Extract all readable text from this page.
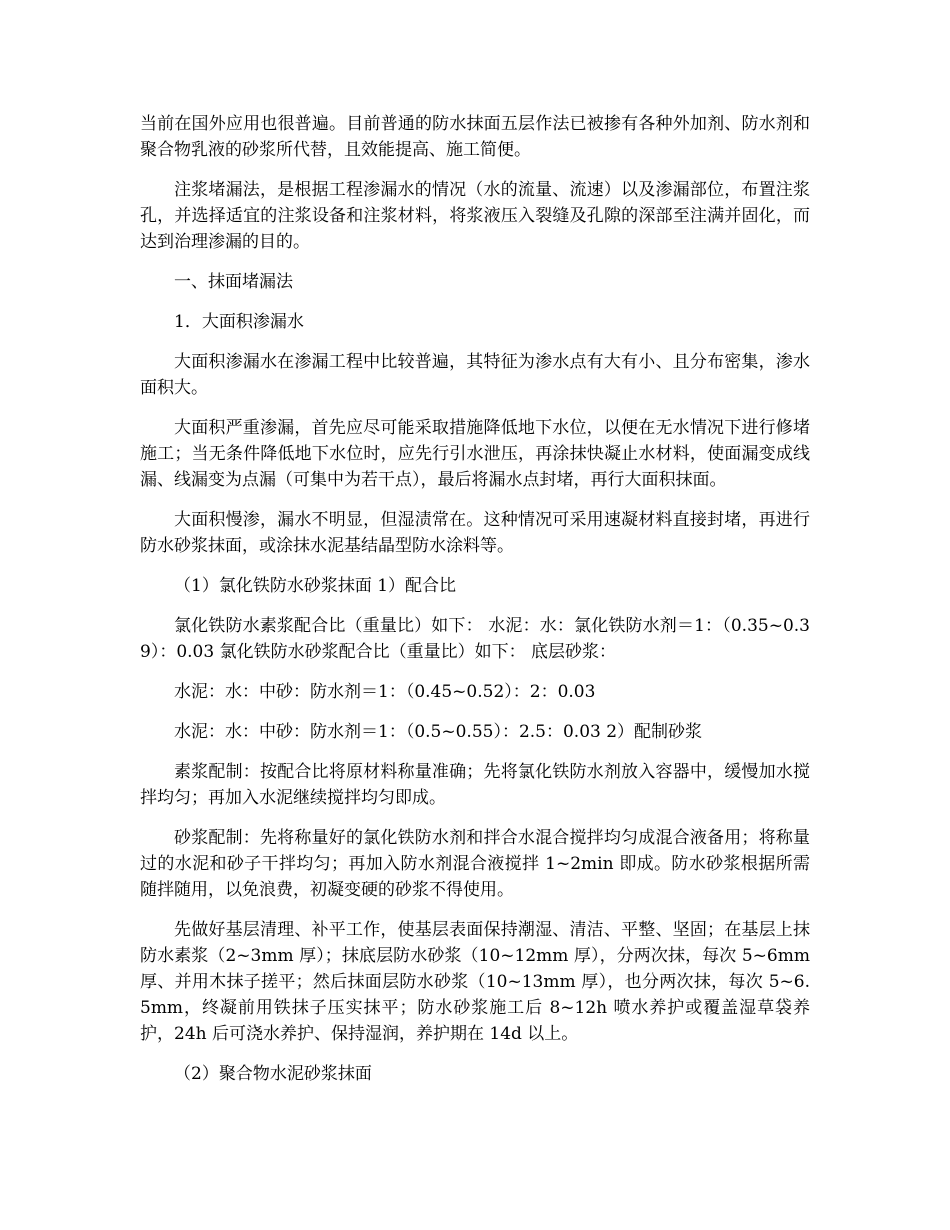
当前在国外应用也很普遍。目前普通的防水抹面五层作法已被掺有各种外加剂、防水剂和聚合物乳液的砂浆所代替，且效能提高、施工简便。

注浆堵漏法，是根据工程渗漏水的情况（水的流量、流速）以及渗漏部位，布置注浆孔，并选择适宜的注浆设备和注浆材料，将浆液压入裂缝及孔隙的深部至注满并固化，而达到治理渗漏的目的。

一、抹面堵漏法

1．大面积渗漏水

大面积渗漏水在渗漏工程中比较普遍，其特征为渗水点有大有小、且分布密集，渗水面积大。

大面积严重渗漏，首先应尽可能采取措施降低地下水位，以便在无水情况下进行修堵施工；当无条件降低地下水位时，应先行引水泄压，再涂抹快凝止水材料，使面漏变成线漏、线漏变为点漏（可集中为若干点），最后将漏水点封堵，再行大面积抹面。

大面积慢渗，漏水不明显，但湿渍常在。这种情况可采用速凝材料直接封堵，再进行防水砂浆抹面，或涂抹水泥基结晶型防水涂料等。

（1）氯化铁防水砂浆抹面 1）配合比

氯化铁防水素浆配合比（重量比）如下： 水泥：水：氯化铁防水剂＝1：（0.35~0.39）：0.03 氯化铁防水砂浆配合比（重量比）如下： 底层砂浆：

水泥：水：中砂：防水剂＝1：（0.45~0.52）：2：0.03

水泥：水：中砂：防水剂＝1：（0.5~0.55）：2.5：0.03 2）配制砂浆

素浆配制：按配合比将原材料称量准确；先将氯化铁防水剂放入容器中，缓慢加水搅拌均匀；再加入水泥继续搅拌均匀即成。

砂浆配制：先将称量好的氯化铁防水剂和拌合水混合搅拌均匀成混合液备用；将称量过的水泥和砂子干拌均匀；再加入防水剂混合液搅拌 1~2min 即成。防水砂浆根据所需随拌随用，以免浪费，初凝变硬的砂浆不得使用。

先做好基层清理、补平工作，使基层表面保持潮湿、清洁、平整、坚固；在基层上抹防水素浆（2~3mm 厚）；抹底层防水砂浆（10~12mm 厚），分两次抹，每次 5~6mm 厚、并用木抹子搓平；然后抹面层防水砂浆（10~13mm 厚），也分两次抹，每次 5~6.5mm，终凝前用铁抹子压实抹平；防水砂浆施工后 8~12h 喷水养护或覆盖湿草袋养护，24h 后可浇水养护、保持湿润，养护期在 14d 以上。

（2）聚合物水泥砂浆抹面
